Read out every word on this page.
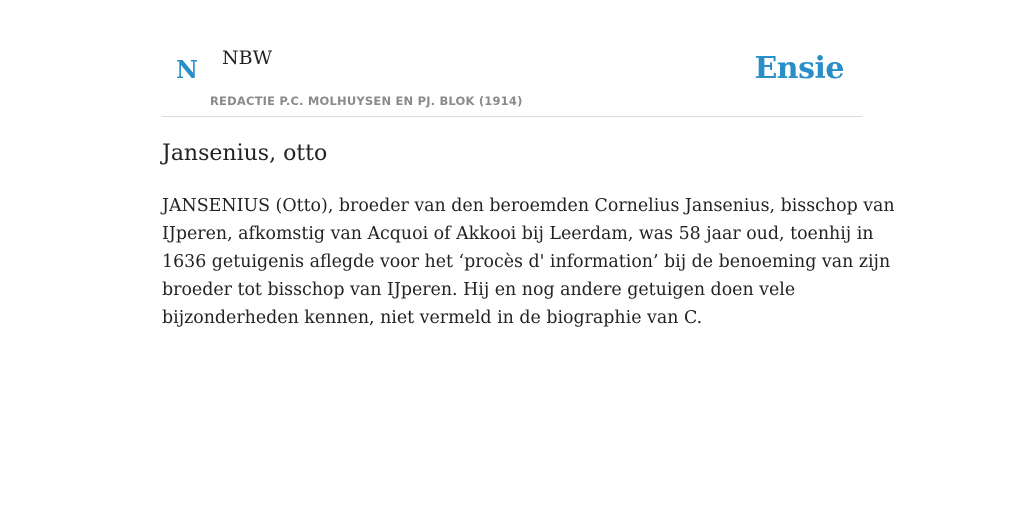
N NBW
REDACTIE P.C. MOLHUYSEN EN PJ. BLOK (1914)
Ensie
Jansenius, otto

JANSENIUS (Otto), broeder van den beroemden Cornelius Jansenius, bisschop van
IJperen, afkomstig van Acquoi of Akkooi bij Leerdam, was 58 jaar oud, toenhij in
1636 getuigenis aflegde voor het ‘procès d' information’ bij de benoeming van zijn
broeder tot bisschop van IJperen. Hij en nog andere getuigen doen vele
bijzonderheden kennen, niet vermeld in de biographie van C.
